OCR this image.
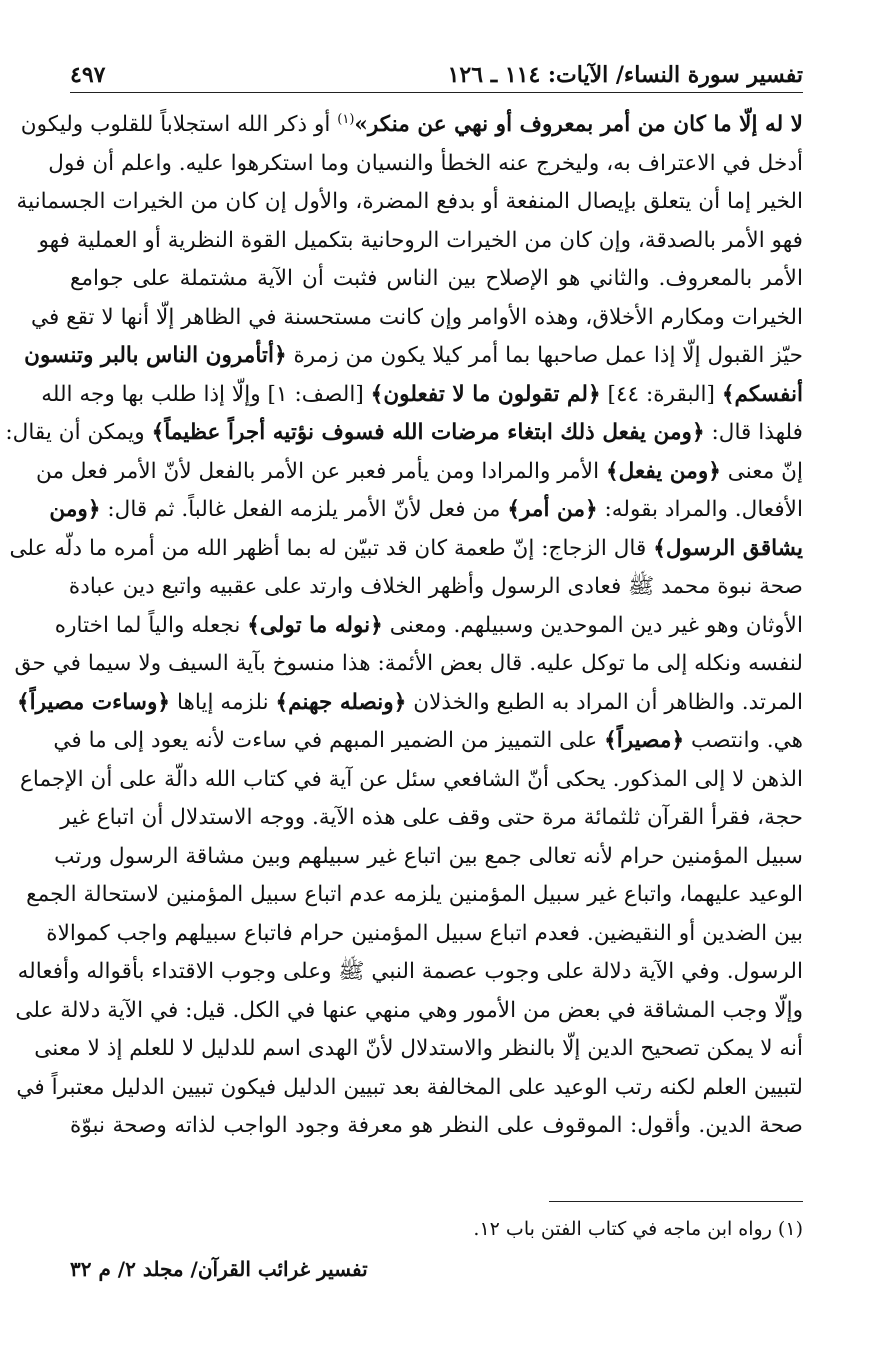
تفسير سورة النساء/ الآيات: ١١٤ ـ ١٢٦
٤٩٧
لا له إلّا ما كان من أمر بمعروف أو نهي عن منكر»$^{(١)}$ أو ذكر الله استجلاباً للقلوب وليكون
أدخل في الاعتراف به، وليخرج عنه الخطأ والنسيان وما استكرهوا عليه. واعلم أن فول
الخير إما أن يتعلق بإيصال المنفعة أو بدفع المضرة، والأول إن كان من الخيرات الجسمانية
فهو الأمر بالصدقة، وإن كان من الخيرات الروحانية بتكميل القوة النظرية أو العملية فهو
الأمر بالمعروف. والثاني هو الإصلاح بين الناس فثبت أن الآية مشتملة على جوامع
الخيرات ومكارم الأخلاق، وهذه الأوامر وإن كانت مستحسنة في الظاهر إلّا أنها لا تقع في
حيّز القبول إلّا إذا عمل صاحبها بما أمر كيلا يكون من زمرة ﴿أتأمرون الناس بالبر وتنسون
أنفسكم﴾ [البقرة: ٤٤] ﴿لم تقولون ما لا تفعلون﴾ [الصف: ١] وإلّا إذا طلب بها وجه الله
فلهذا قال: ﴿ومن يفعل ذلك ابتغاء مرضات الله فسوف نؤتيه أجراً عظيماً﴾ ويمكن أن يقال:
إنّ معنى ﴿ومن يفعل﴾ الأمر والمرادا ومن يأمر فعبر عن الأمر بالفعل لأنّ الأمر فعل من
الأفعال. والمراد بقوله: ﴿من أمر﴾ من فعل لأنّ الأمر يلزمه الفعل غالباً. ثم قال: ﴿ومن
يشاقق الرسول﴾ قال الزجاج: إنّ طعمة كان قد تبيّن له بما أظهر الله من أمره ما دلّه على
صحة نبوة محمد ﷺ فعادى الرسول وأظهر الخلاف وارتد على عقبيه واتبع دين عبادة
الأوثان وهو غير دين الموحدين وسبيلهم. ومعنى ﴿نوله ما تولى﴾ نجعله والياً لما اختاره
لنفسه ونكله إلى ما توكل عليه. قال بعض الأئمة: هذا منسوخ بآية السيف ولا سيما في حق
المرتد. والظاهر أن المراد به الطبع والخذلان ﴿ونصله جهنم﴾ نلزمه إياها ﴿وساءت مصيراً﴾
هي. وانتصب ﴿مصيراً﴾ على التمييز من الضمير المبهم في ساءت لأنه يعود إلى ما في
الذهن لا إلى المذكور. يحكى أنّ الشافعي سئل عن آية في كتاب الله دالّة على أن الإجماع
حجة، فقرأ القرآن ثلثمائة مرة حتى وقف على هذه الآية. ووجه الاستدلال أن اتباع غير
سبيل المؤمنين حرام لأنه تعالى جمع بين اتباع غير سبيلهم وبين مشاقة الرسول ورتب
الوعيد عليهما، واتباع غير سبيل المؤمنين يلزمه عدم اتباع سبيل المؤمنين لاستحالة الجمع
بين الضدين أو النقيضين. فعدم اتباع سبيل المؤمنين حرام فاتباع سبيلهم واجب كموالاة
الرسول. وفي الآية دلالة على وجوب عصمة النبي ﷺ وعلى وجوب الاقتداء بأقواله وأفعاله
وإلّا وجب المشاقة في بعض من الأمور وهي منهي عنها في الكل. قيل: في الآية دلالة على
أنه لا يمكن تصحيح الدين إلّا بالنظر والاستدلال لأنّ الهدى اسم للدليل لا للعلم إذ لا معنى
لتبيين العلم لكنه رتب الوعيد على المخالفة بعد تبيين الدليل فيكون تبيين الدليل معتبراً في
صحة الدين. وأقول: الموقوف على النظر هو معرفة وجود الواجب لذاته وصحة نبوّة
(١) رواه ابن ماجه في كتاب الفتن باب ١٢.
تفسير غرائب القرآن/ مجلد ٢/ م ٣٢
